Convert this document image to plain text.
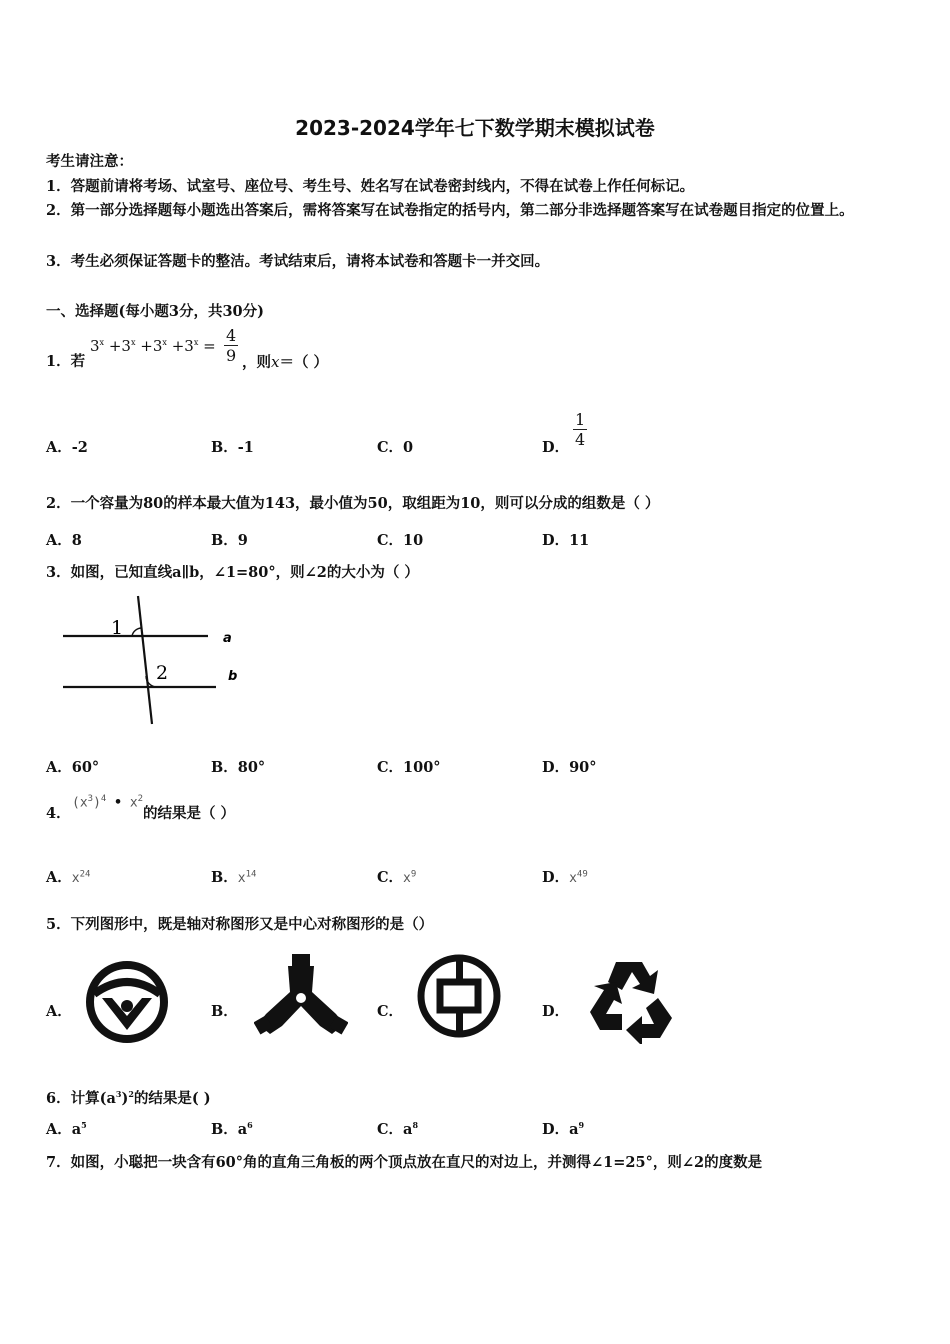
2023-2024学年七下数学期末模拟试卷
考生请注意：
1．答题前请将考场、试室号、座位号、考生号、姓名写在试卷密封线内，不得在试卷上作任何标记。
2．第一部分选择题每小题选出答案后，需将答案写在试卷指定的括号内，第二部分非选择题答案写在试卷题目指定的位置上。
3．考生必须保证答题卡的整洁。考试结束后，请将本试卷和答题卡一并交回。
一、选择题(每小题3分，共30分)
1．若
$3^x +3^x +3^x +3^x = \frac{4}{9}$ ，则x＝（ ）
A．-2	B．-1	C．0	D． $\frac{1}{4}$
2．一个容量为80的样本最大值为143，最小值为50，取组距为10，则可以分成的组数是（ ）
A．8	B．9	C．10	D．11
3．如图，已知直线a∥b，∠1=80°，则∠2的大小为（ ）
1
2
a
b
A．60°	B．80°	C．100°	D．90°
4．
$(x^3)^4$ • $x^2$
的结果是（ ）
A．$x^{24}$	B．$x^{14}$	C．$x^9$	D．$x^{49}$
5．下列图形中，既是轴对称图形又是中心对称图形的是（）
A．	B．	C．	D．
6．计算$(a^3)^2$的结果是( )
A．$a^5$	B．$a^6$	C．$a^8$	D．$a^9$
7．如图，小聪把一块含有60°角的直角三角板的两个顶点放在直尺的对边上，并测得∠1=25°，则∠2的度数是
